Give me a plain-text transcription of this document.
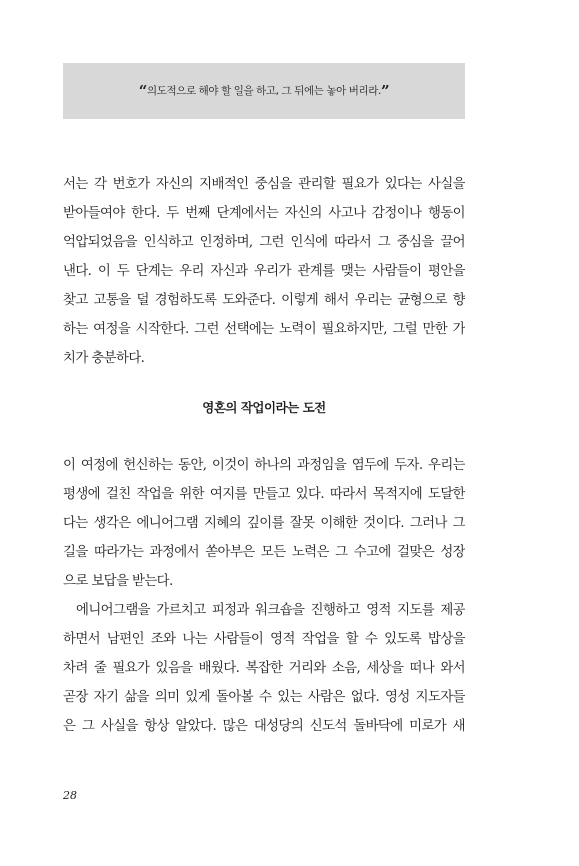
“의도적으로 해야 할 일을 하고, 그 뒤에는 놓아 버리라.”
서는 각 번호가 자신의 지배적인 중심을 관리할 필요가 있다는 사실을
받아들여야 한다. 두 번째 단계에서는 자신의 사고나 감정이나 행동이
억압되었음을 인식하고 인정하며, 그런 인식에 따라서 그 중심을 끌어
낸다. 이 두 단계는 우리 자신과 우리가 관계를 맺는 사람들이 평안을
찾고 고통을 덜 경험하도록 도와준다. 이렇게 해서 우리는 균형으로 향
하는 여정을 시작한다. 그런 선택에는 노력이 필요하지만, 그럴 만한 가
치가 충분하다.
영혼의 작업이라는 도전
이 여정에 헌신하는 동안, 이것이 하나의 과정임을 염두에 두자. 우리는
평생에 걸친 작업을 위한 여지를 만들고 있다. 따라서 목적지에 도달한
다는 생각은 에니어그램 지혜의 깊이를 잘못 이해한 것이다. 그러나 그
길을 따라가는 과정에서 쏟아부은 모든 노력은 그 수고에 걸맞은 성장
으로 보답을 받는다.
에니어그램을 가르치고 피정과 워크숍을 진행하고 영적 지도를 제공
하면서 남편인 조와 나는 사람들이 영적 작업을 할 수 있도록 밥상을
차려 줄 필요가 있음을 배웠다. 복잡한 거리와 소음, 세상을 떠나 와서
곧장 자기 삶을 의미 있게 돌아볼 수 있는 사람은 없다. 영성 지도자들
은 그 사실을 항상 알았다. 많은 대성당의 신도석 돌바닥에 미로가 새
28
